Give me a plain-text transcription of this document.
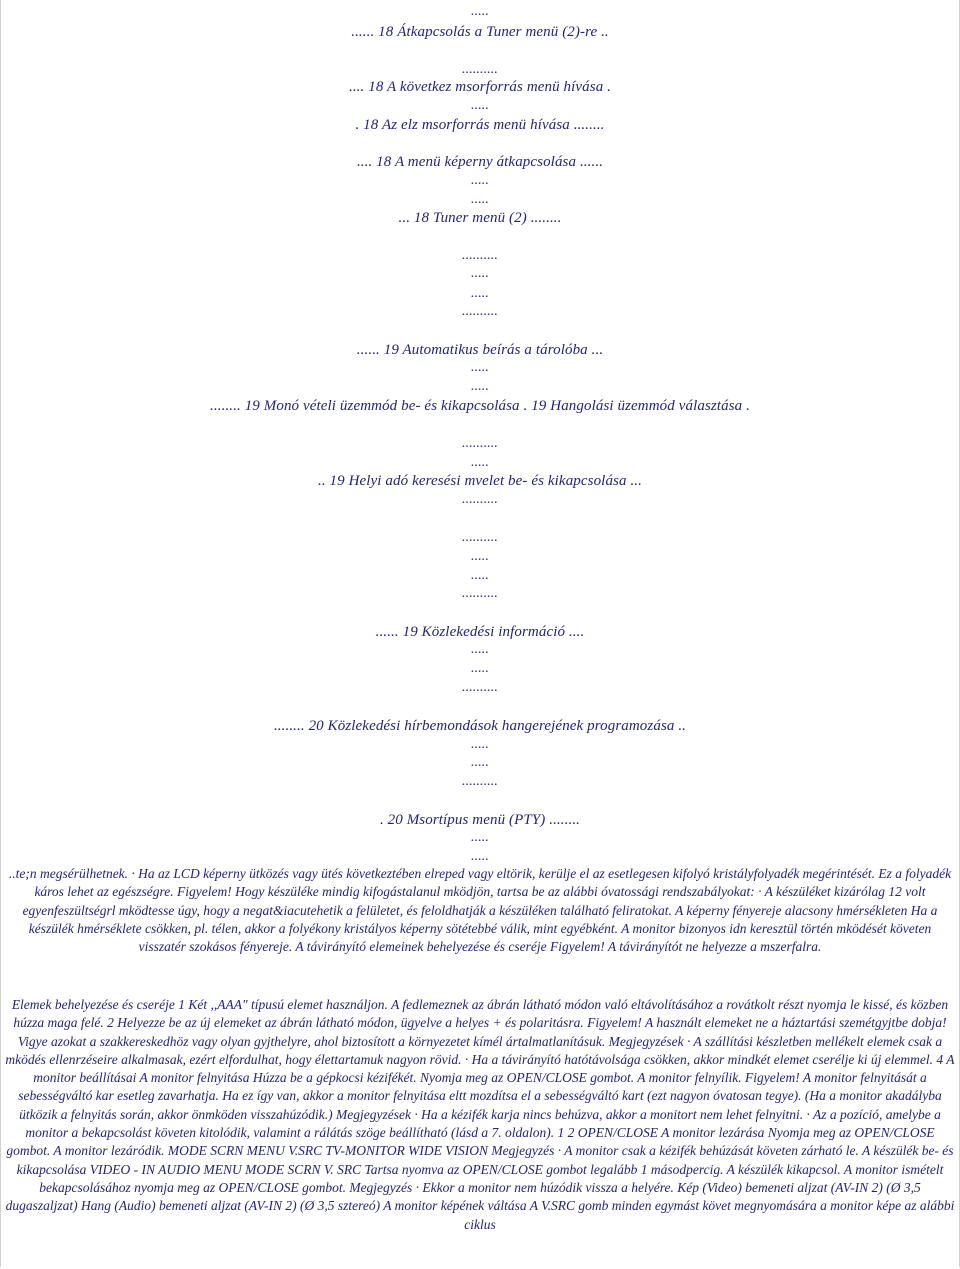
.....
...... 18 Átkapcsolás a Tuner menü (2)-re ..
..........
.... 18 A következ msorforrás menü hívása .
.....
. 18 Az elz msorforrás menü hívása ........
.... 18 A menü képerny átkapcsolása ......
.....
.....
... 18 Tuner menü (2) ........
..........
.....
.....
..........
...... 19 Automatikus beírás a tárolóba ...
.....
.....
........ 19 Monó vételi üzemmód be- és kikapcsolása . 19 Hangolási üzemmód választása .
..........
.....
.. 19 Helyi adó keresési mvelet be- és kikapcsolása ...
..........
..........
.....
.....
..........
...... 19 Közlekedési információ ....
.....
.....
..........
........ 20 Közlekedési hírbemondások hangerejének programozása ..
.....
.....
..........
. 20 Msortípus menü (PTY) ........
.....
.....

..te;n megsérülhetnek. · Ha az LCD képerny ütközés vagy ütés következtében elreped vagy eltörik, kerülje el az esetlegesen kifolyó kristályfolyadék megérintését. Ez a folyadék káros lehet az egészségre. Figyelem! Hogy készüléke mindig kifogástalanul mködjön, tartsa be az alábbi óvatossági rendszabályokat: · A készüléket kizárólag 12 volt egyenfeszültségrl mködtesse úgy, hogy a negat&iacutehetik a felületet, és feloldhatják a készüléken található feliratokat. A képerny fényereje alacsony hmérsékleten Ha a készülék hmérséklete csökken, pl. télen, akkor a folyékony kristályos képerny sötétebbé válik, mint egyébként. A monitor bizonyos idn keresztül történ mködését követen visszatér szokásos fényereje. A távirányító elemeinek behelyezése és cseréje Figyelem! A távirányítót ne helyezze a mszerfalra.

Elemek behelyezése és cseréje 1 Két ,,AAA" típusú elemet használjon. A fedlemeznek az ábrán látható módon való eltávolításához a rovátkolt részt nyomja le kissé, és közben húzza maga felé. 2 Helyezze be az új elemeket az ábrán látható módon, ügyelve a helyes + és polaritásra. Figyelem! A használt elemeket ne a háztartási szemétgyjtbe dobja! Vigye azokat a szakkereskedhöz vagy olyan gyjthelyre, ahol biztosított a környezetet kímél ártalmatlanításuk. Megjegyzések · A szállítási készletben mellékelt elemek csak a mködés ellenrzéseire alkalmasak, ezért elfordulhat, hogy élettartamuk nagyon rövid. · Ha a távirányító hatótávolsága csökken, akkor mindkét elemet cserélje ki új elemmel. 4 A monitor beállításai A monitor felnyitása Húzza be a gépkocsi kézifékét. Nyomja meg az OPEN/CLOSE gombot. A monitor felnyílik. Figyelem! A monitor felnyitását a sebességváltó kar esetleg zavarhatja. Ha ez így van, akkor a monitor felnyitása eltt mozdítsa el a sebességváltó kart (ezt nagyon óvatosan tegye). (Ha a monitor akadályba ütközik a felnyitás során, akkor önmköden visszahúzódik.) Megjegyzések · Ha a kézifék karja nincs behúzva, akkor a monitort nem lehet felnyitni. · Az a pozíció, amelybe a monitor a bekapcsolást követen kitolódik, valamint a rálátás szöge beállítható (lásd a 7. oldalon). 1 2 OPEN/CLOSE A monitor lezárása Nyomja meg az OPEN/CLOSE gombot. A monitor lezáródik. MODE SCRN MENU V.SRC TV-MONITOR WIDE VISION Megjegyzés · A monitor csak a kézifék behúzását követen zárható le. A készülék be- és kikapcsolása VIDEO - IN AUDIO MENU MODE SCRN V. SRC Tartsa nyomva az OPEN/CLOSE gombot legalább 1 másodpercig. A készülék kikapcsol. A monitor ismételt bekapcsolásához nyomja meg az OPEN/CLOSE gombot. Megjegyzés · Ekkor a monitor nem húzódik vissza a helyére. Kép (Video) bemeneti aljzat (AV-IN 2) (Ø 3,5 dugaszaljzat) Hang (Audio) bemeneti aljzat (AV-IN 2) (Ø 3,5 sztereó) A monitor képének váltása A V.SRC gomb minden egymást követ megnyomására a monitor képe az alábbi ciklus
